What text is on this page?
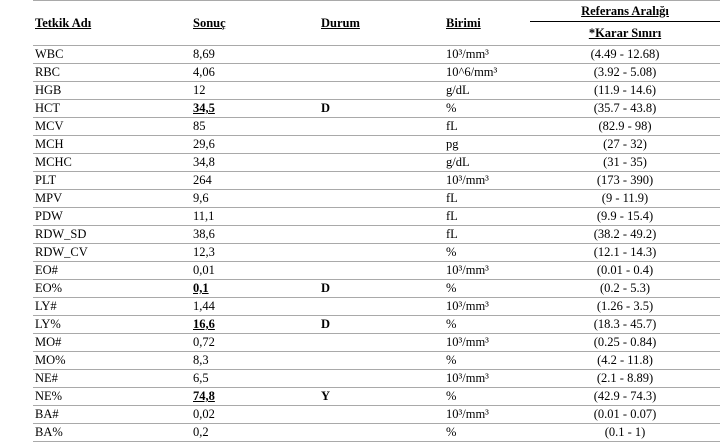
Tetkik Adı	Sonuç	Durum	Birimi	Referans Aralığı
				*Karar Sınırı
WBC	8,69		10³/mm³	(4.49 - 12.68)
RBC	4,06		10^6/mm³	(3.92 - 5.08)
HGB	12		g/dL	(11.9 - 14.6)
HCT	34,5	D	%	(35.7 - 43.8)
MCV	85		fL	(82.9 - 98)
MCH	29,6		pg	(27 - 32)
MCHC	34,8		g/dL	(31 - 35)
PLT	264		10³/mm³	(173 - 390)
MPV	9,6		fL	(9 - 11.9)
PDW	11,1		fL	(9.9 - 15.4)
RDW_SD	38,6		fL	(38.2 - 49.2)
RDW_CV	12,3		%	(12.1 - 14.3)
EO#	0,01		10³/mm³	(0.01 - 0.4)
EO%	0,1	D	%	(0.2 - 5.3)
LY#	1,44		10³/mm³	(1.26 - 3.5)
LY%	16,6	D	%	(18.3 - 45.7)
MO#	0,72		10³/mm³	(0.25 - 0.84)
MO%	8,3		%	(4.2 - 11.8)
NE#	6,5		10³/mm³	(2.1 - 8.89)
NE%	74,8	Y	%	(42.9 - 74.3)
BA#	0,02		10³/mm³	(0.01 - 0.07)
BA%	0,2		%	(0.1 - 1)
